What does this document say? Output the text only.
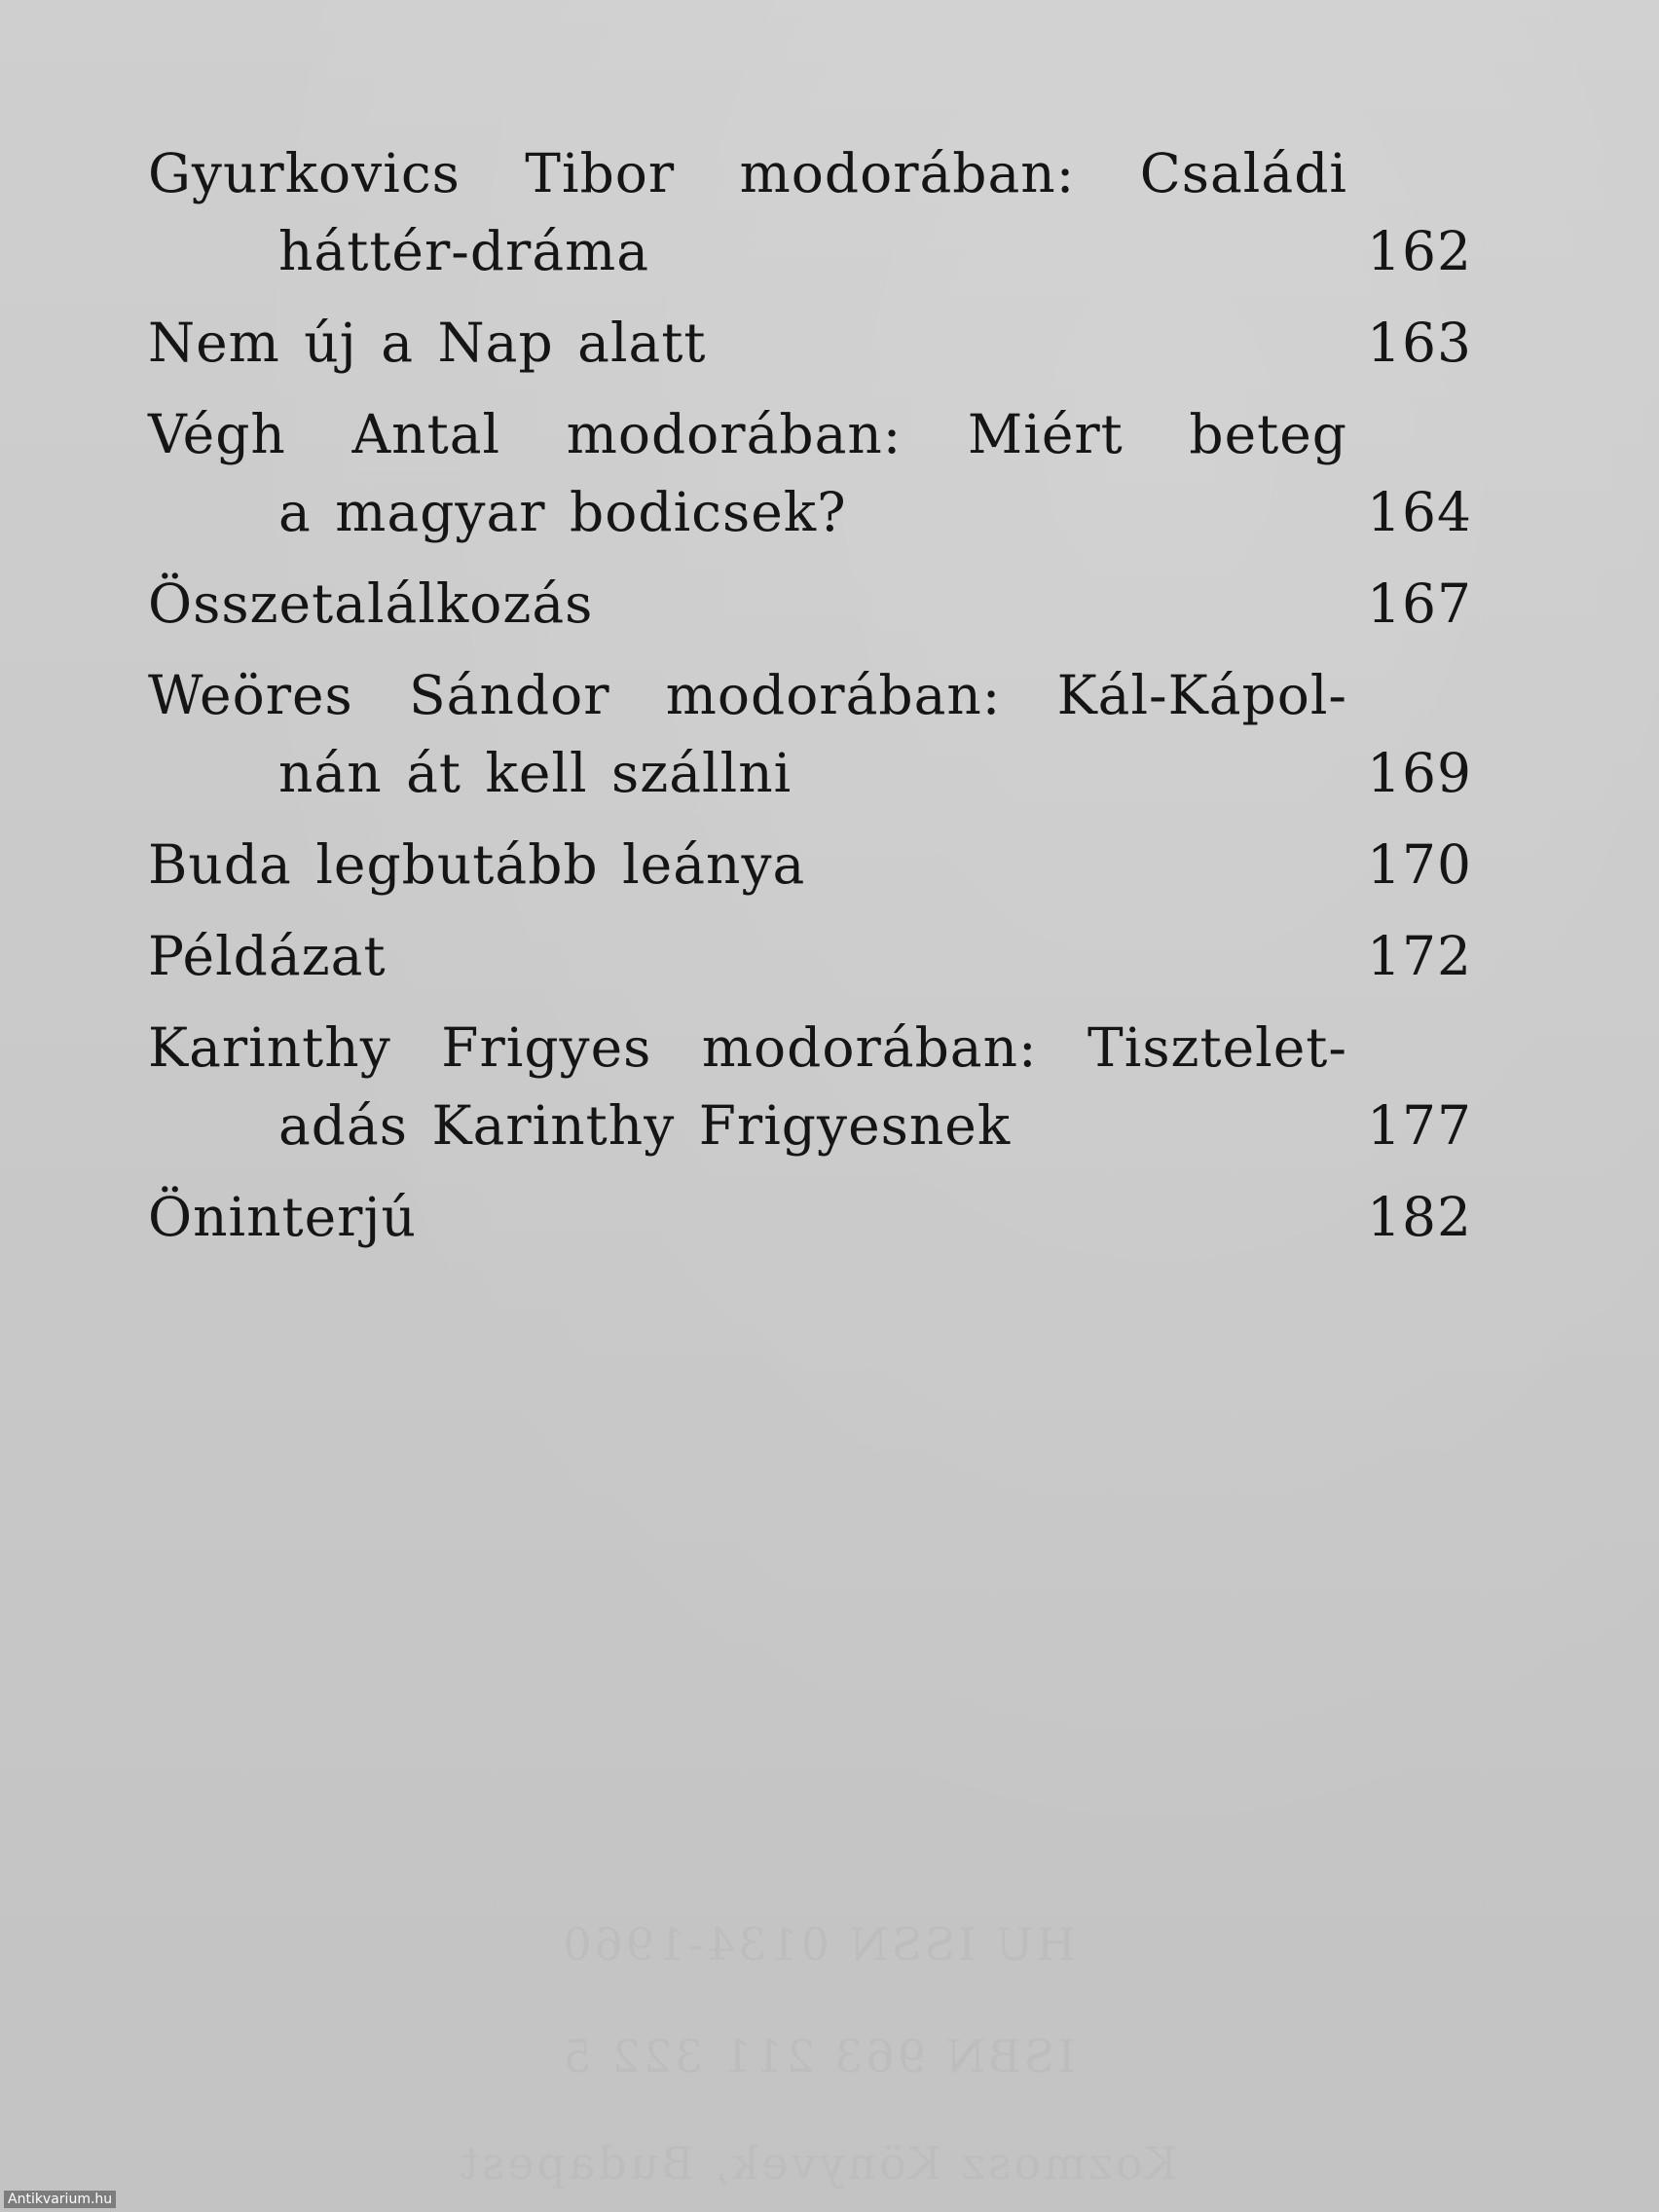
Gyurkovics Tibor modorában: Családi
háttér-dráma	162
Nem új a Nap alatt	163
Végh Antal modorában: Miért beteg
a magyar bodicsek?	164
Összetalálkozás	167
Weöres Sándor modorában: Kál-Kápol-
nán át kell szállni	169
Buda legbutább leánya	170
Példázat	172
Karinthy Frigyes modorában: Tisztelet-
adás Karinthy Frigyesnek	177
Öninterjú	182
HU ISSN 0134-1960
ISBN 963 211 322 5
Kozmosz Könyvek, Budapest
Antikvarium.hu
